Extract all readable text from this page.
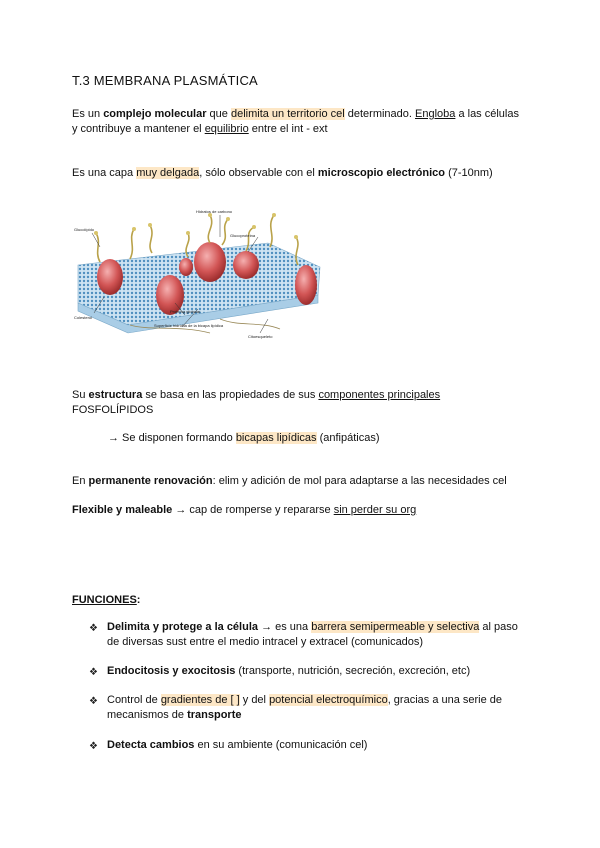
T.3 MEMBRANA PLASMÁTICA
Es un complejo molecular que delimita un territorio cel determinado. Engloba a las células
y contribuye a mantener el equilibrio entre el int - ext
Es una capa muy delgada, sólo observable con el microscopio electrónico (7-10nm)
Hidratos de carbono
Glucolípido
Glucoproteína
Colesterol
Proteína globular
Superficie hidrófila de la bicapa lipídica
Citoesqueleto
Su estructura se basa en las propiedades de sus componentes principales
FOSFOLÍPIDOS
→ Se disponen formando bicapas lipídicas (anfipáticas)
En permanente renovación: elim y adición de mol para adaptarse a las necesidades cel
Flexible y maleable → cap de romperse y repararse sin perder su org
FUNCIONES:
❖ Delimita y protege a la célula → es una barrera semipermeable y selectiva al paso
de diversas sust entre el medio intracel y extracel (comunicados)
❖ Endocitosis y exocitosis (transporte, nutrición, secreción, excreción, etc)
❖ Control de gradientes de [ ] y del potencial electroquímico, gracias a una serie de
mecanismos de transporte
❖ Detecta cambios en su ambiente (comunicación cel)
